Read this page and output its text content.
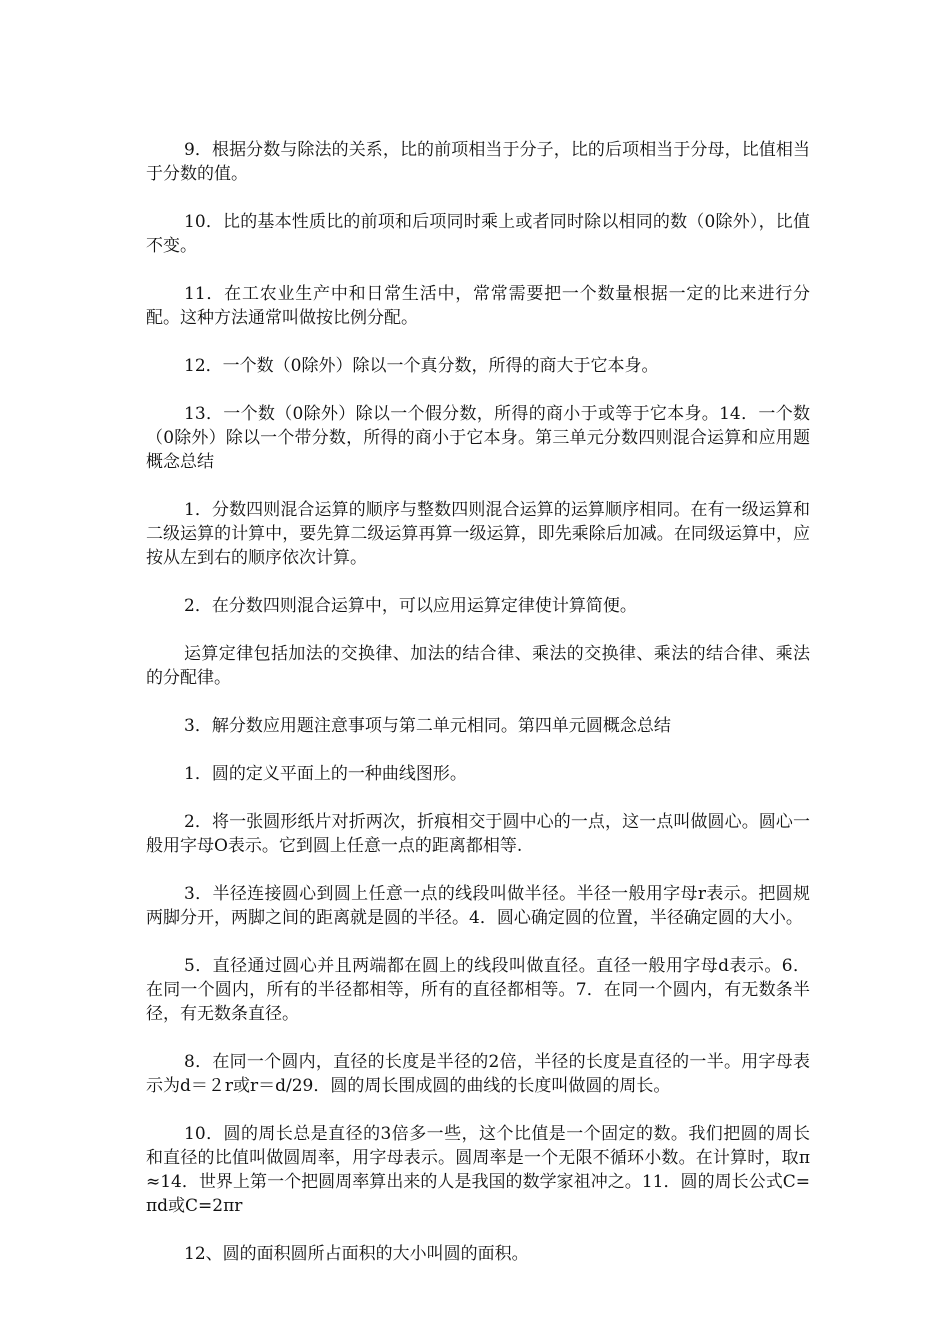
9．根据分数与除法的关系，比的前项相当于分子，比的后项相当于分母，比值相当于分数的值。

10．比的基本性质比的前项和后项同时乘上或者同时除以相同的数（0除外），比值不变。

11．在工农业生产中和日常生活中，常常需要把一个数量根据一定的比来进行分配。这种方法通常叫做按比例分配。

12．一个数（0除外）除以一个真分数，所得的商大于它本身。

13．一个数（0除外）除以一个假分数，所得的商小于或等于它本身。14．一个数（0除外）除以一个带分数，所得的商小于它本身。第三单元分数四则混合运算和应用题概念总结

1．分数四则混合运算的顺序与整数四则混合运算的运算顺序相同。在有一级运算和二级运算的计算中，要先算二级运算再算一级运算，即先乘除后加减。在同级运算中，应按从左到右的顺序依次计算。

2．在分数四则混合运算中，可以应用运算定律使计算简便。

运算定律包括加法的交换律、加法的结合律、乘法的交换律、乘法的结合律、乘法的分配律。

3．解分数应用题注意事项与第二单元相同。第四单元圆概念总结

1．圆的定义平面上的一种曲线图形。

2．将一张圆形纸片对折两次，折痕相交于圆中心的一点，这一点叫做圆心。圆心一般用字母O表示。它到圆上任意一点的距离都相等.

3．半径连接圆心到圆上任意一点的线段叫做半径。半径一般用字母r表示。把圆规两脚分开，两脚之间的距离就是圆的半径。4．圆心确定圆的位置，半径确定圆的大小。

5．直径通过圆心并且两端都在圆上的线段叫做直径。直径一般用字母d表示。6．在同一个圆内，所有的半径都相等，所有的直径都相等。7．在同一个圆内，有无数条半径，有无数条直径。

8．在同一个圆内，直径的长度是半径的2倍，半径的长度是直径的一半。用字母表示为d＝２r或r＝d/29．圆的周长围成圆的曲线的长度叫做圆的周长。

10．圆的周长总是直径的3倍多一些，这个比值是一个固定的数。我们把圆的周长和直径的比值叫做圆周率，用字母表示。圆周率是一个无限不循环小数。在计算时，取π≈14．世界上第一个把圆周率算出来的人是我国的数学家祖冲之。11．圆的周长公式C=πd或C=2πr

12、圆的面积圆所占面积的大小叫圆的面积。
